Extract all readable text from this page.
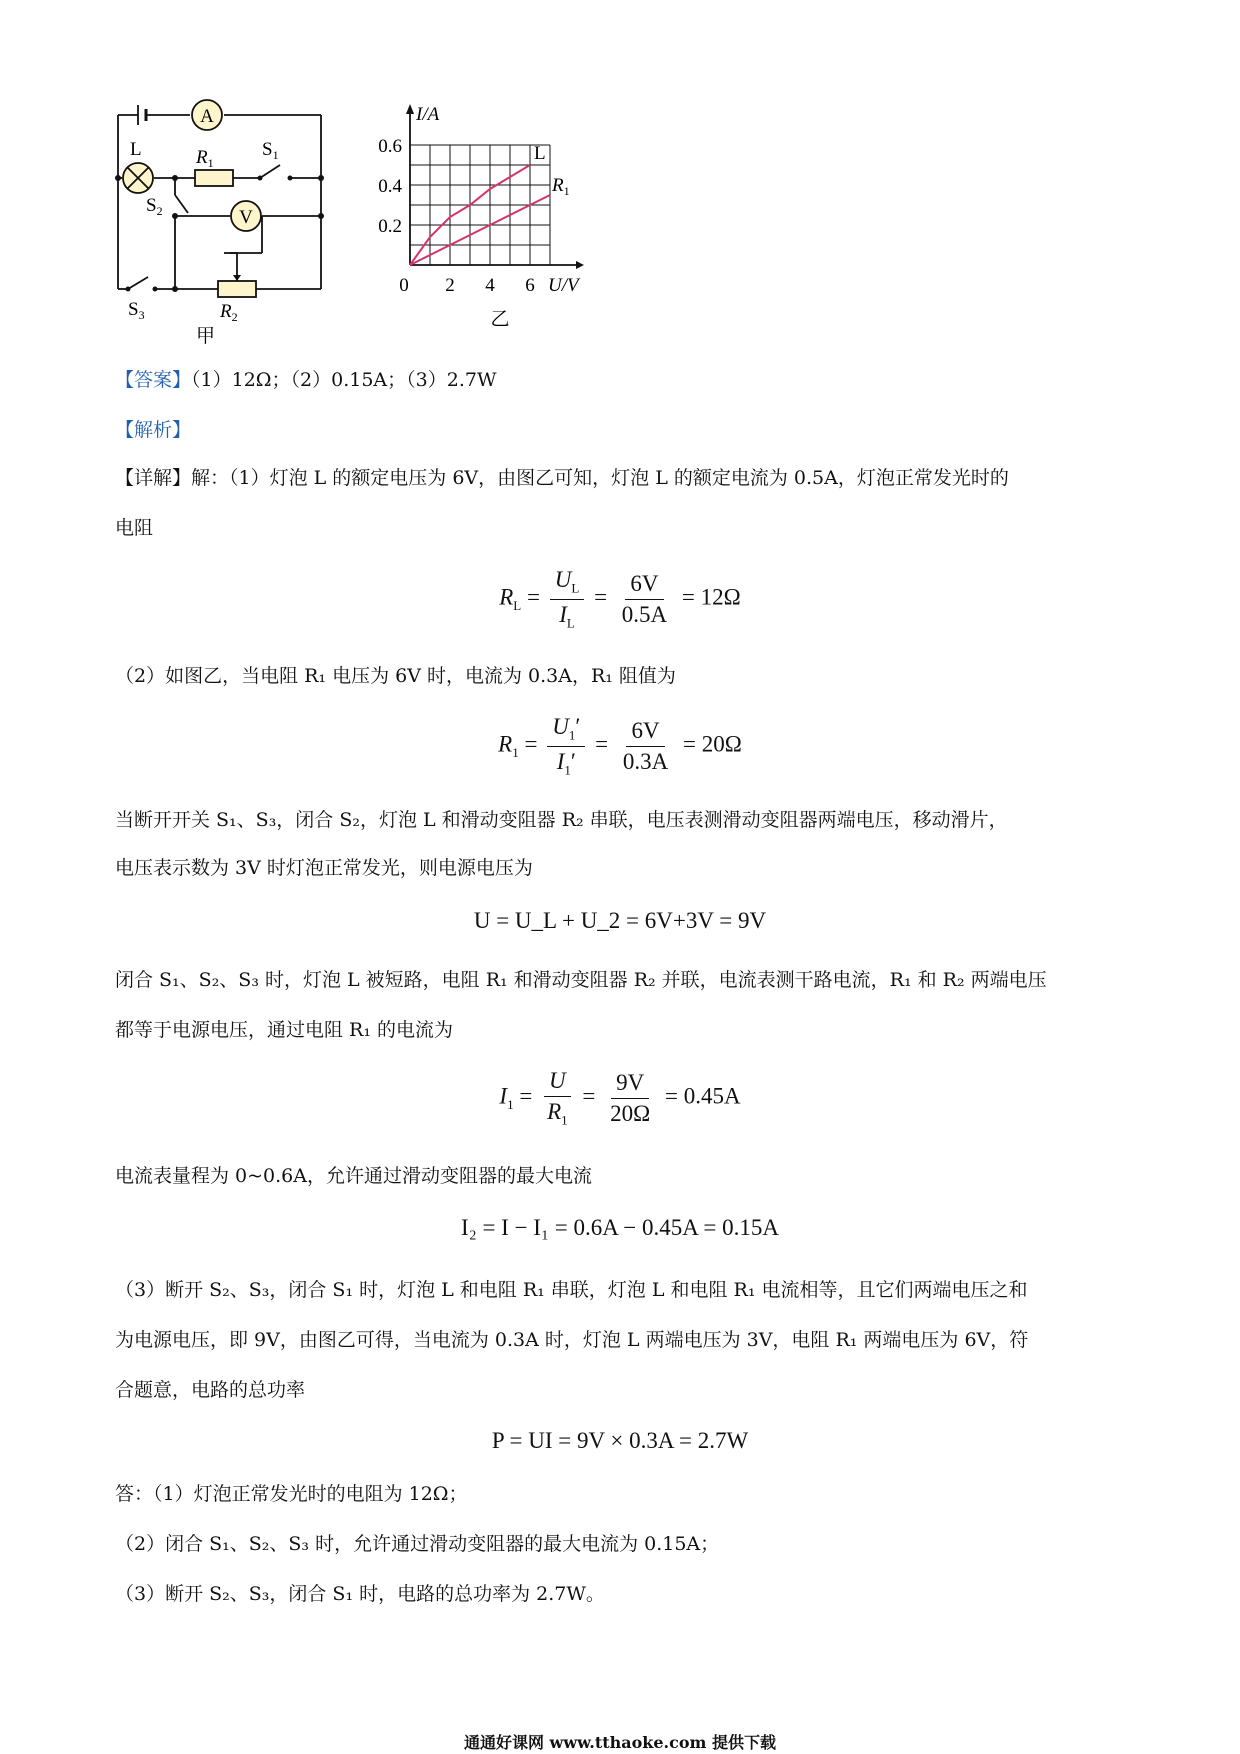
A
V
L	$R_1$
$S_1$
$S_2$
$S_3$	$R_2$
甲
I/A
U/V
0.6
0.4
0.2
0 2 4 6
L
$R_1$
乙
【答案】（1）12Ω；（2）0.15A；（3）2.7W
【解析】
【详解】解：（1）灯泡 L 的额定电压为 6V，由图乙可知，灯泡 L 的额定电流为 0.5A，灯泡正常发光时的
电阻
$R_L = \frac{U_L}{I_L} = \frac{6V}{0.5A} = 12\Omega$
（2）如图乙，当电阻 R₁ 电压为 6V 时，电流为 0.3A，R₁ 阻值为
$R_1 = \frac{U_1'}{I_1'} = \frac{6V}{0.3A} = 20\Omega$
当断开开关 S₁、S₃，闭合 S₂，灯泡 L 和滑动变阻器 R₂ 串联，电压表测滑动变阻器两端电压，移动滑片，
电压表示数为 3V 时灯泡正常发光，则电源电压为
U = U_L + U_2 = 6V+3V = 9V
闭合 S₁、S₂、S₃ 时，灯泡 L 被短路，电阻 R₁ 和滑动变阻器 R₂ 并联，电流表测干路电流，R₁ 和 R₂ 两端电压
都等于电源电压，通过电阻 R₁ 的电流为
$I_1 = \frac{U}{R_1} = \frac{9V}{20\Omega} = 0.45A$
电流表量程为 0~0.6A，允许通过滑动变阻器的最大电流
I₂ = I − I₁ = 0.6A − 0.45A = 0.15A
（3）断开 S₂、S₃，闭合 S₁ 时，灯泡 L 和电阻 R₁ 串联，灯泡 L 和电阻 R₁ 电流相等，且它们两端电压之和
为电源电压，即 9V，由图乙可得，当电流为 0.3A 时，灯泡 L 两端电压为 3V，电阻 R₁ 两端电压为 6V，符
合题意，电路的总功率
P = UI = 9V × 0.3A = 2.7W
答：（1）灯泡正常发光时的电阻为 12Ω；
（2）闭合 S₁、S₂、S₃ 时，允许通过滑动变阻器的最大电流为 0.15A；
（3）断开 S₂、S₃，闭合 S₁ 时，电路的总功率为 2.7W。
通通好课网 www.tthaoke.com 提供下载
